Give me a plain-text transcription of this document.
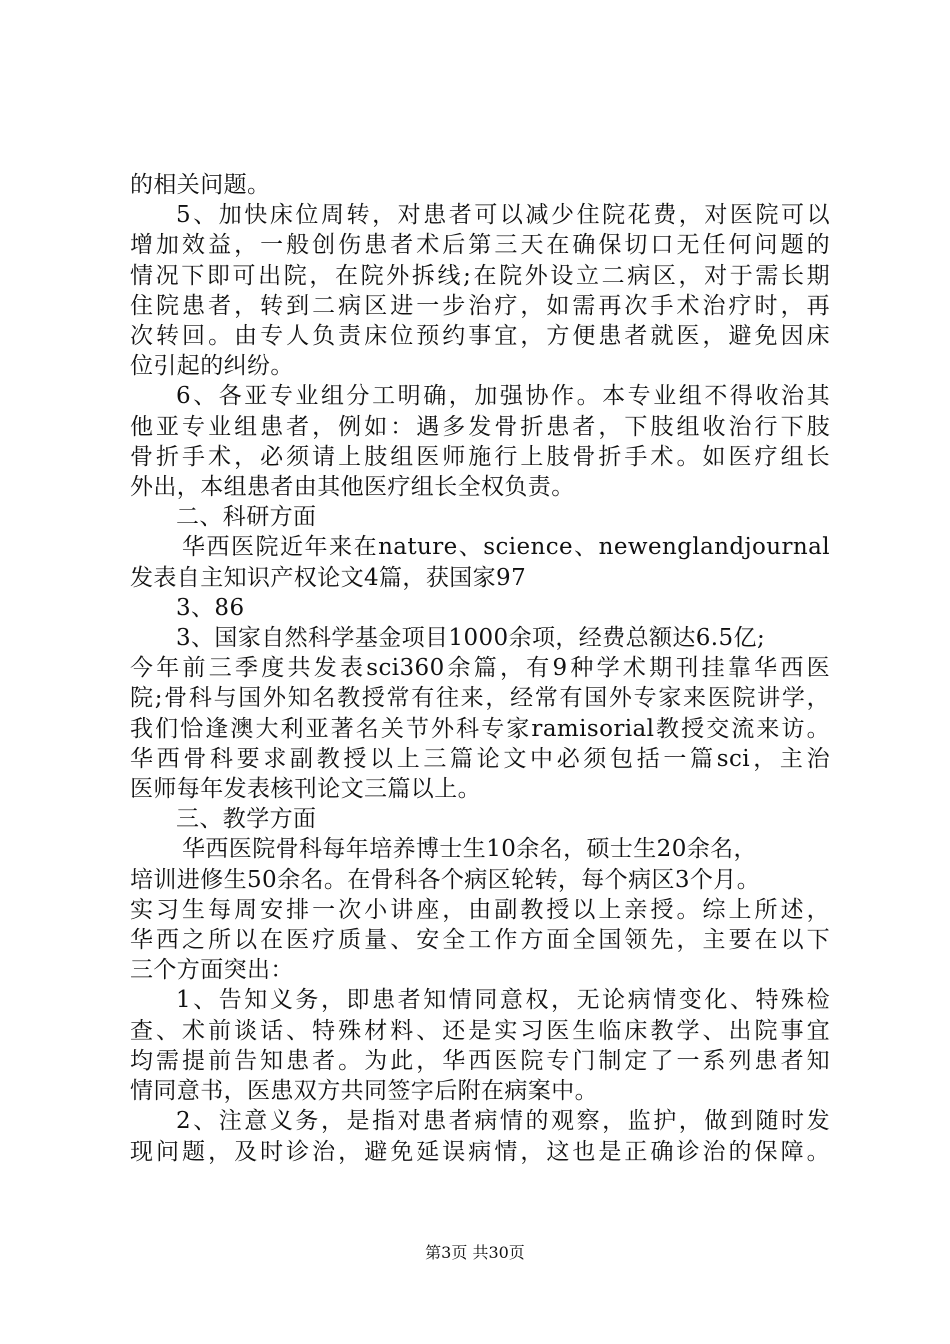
的相关问题。
5、加快床位周转，对患者可以减少住院花费，对医院可以
增加效益，一般创伤患者术后第三天在确保切口无任何问题的
情况下即可出院，在院外拆线;在院外设立二病区，对于需长期
住院患者，转到二病区进一步治疗，如需再次手术治疗时，再
次转回。由专人负责床位预约事宜，方便患者就医，避免因床
位引起的纠纷。
6、各亚专业组分工明确，加强协作。本专业组不得收治其
他亚专业组患者，例如：遇多发骨折患者，下肢组收治行下肢
骨折手术，必须请上肢组医师施行上肢骨折手术。如医疗组长
外出，本组患者由其他医疗组长全权负责。
二、科研方面
华西医院近年来在nature、science、newenglandjournal
发表自主知识产权论文4篇，获国家97
3、86
3、国家自然科学基金项目1000余项，经费总额达6.5亿;
今年前三季度共发表sci360余篇，有9种学术期刊挂靠华西医
院;骨科与国外知名教授常有往来，经常有国外专家来医院讲学，
我们恰逢澳大利亚著名关节外科专家ramisorial教授交流来访。
华西骨科要求副教授以上三篇论文中必须包括一篇sci，主治
医师每年发表核刊论文三篇以上。
三、教学方面
华西医院骨科每年培养博士生10余名，硕士生20余名，
培训进修生50余名。在骨科各个病区轮转，每个病区3个月。
实习生每周安排一次小讲座，由副教授以上亲授。综上所述，
华西之所以在医疗质量、安全工作方面全国领先，主要在以下
三个方面突出：
1、告知义务，即患者知情同意权，无论病情变化、特殊检
查、术前谈话、特殊材料、还是实习医生临床教学、出院事宜
均需提前告知患者。为此，华西医院专门制定了一系列患者知
情同意书，医患双方共同签字后附在病案中。
2、注意义务，是指对患者病情的观察，监护，做到随时发
现问题，及时诊治，避免延误病情，这也是正确诊治的保障。
第3页 共30页
